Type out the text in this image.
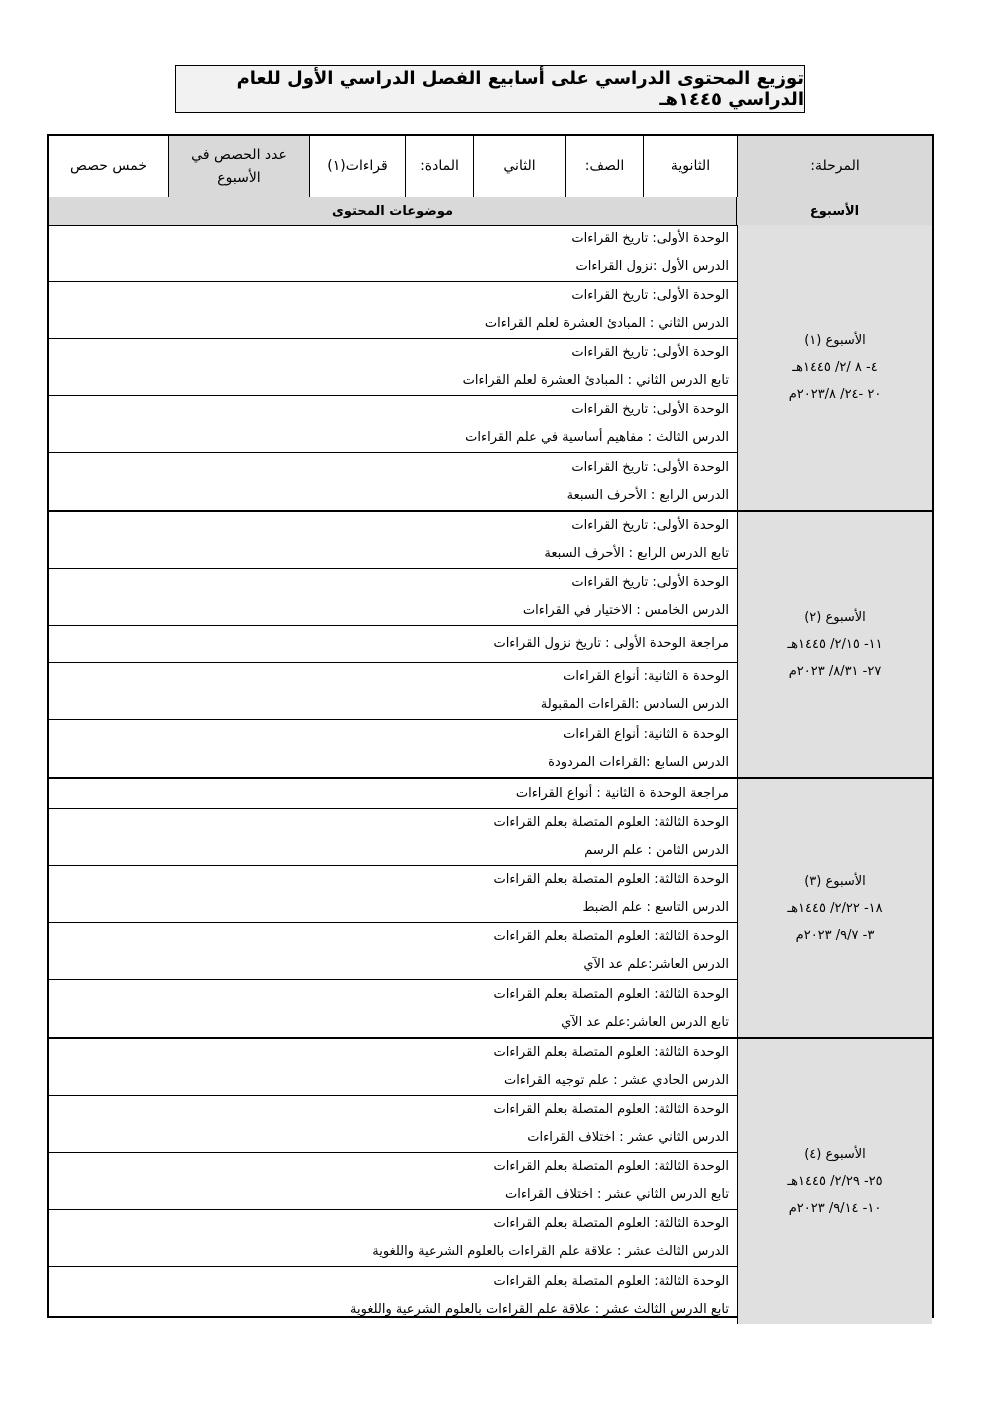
توزيع المحتوى الدراسي على أسابيع الفصل الدراسي الأول للعام الدراسي ١٤٤٥هـ
المرحلة:
الثانوية
الصف:
الثاني
المادة:
قراءات(١)
عدد الحصص في الأسبوع
خمس حصص
الأسبوع
موضوعات المحتوى
الأسبوع (١)
٤- ٨ /٢/ ١٤٤٥هـ
٢٠ -٢٤/ ٢٠٢٣/٨م
الوحدة الأولى: تاريخ القراءات
الدرس الأول :نزول القراءات
الوحدة الأولى: تاريخ القراءات
الدرس الثاني : المبادئ العشرة لعلم القراءات
الوحدة الأولى: تاريخ القراءات
تابع الدرس الثاني : المبادئ العشرة لعلم القراءات
الوحدة الأولى: تاريخ القراءات
الدرس الثالث : مفاهيم أساسية في علم القراءات
الوحدة الأولى: تاريخ القراءات
الدرس الرابع : الأحرف السبعة
الأسبوع (٢)
١١- ٢/١٥/ ١٤٤٥هـ
٢٧- ٨/٣١/ ٢٠٢٣م
الوحدة الأولى: تاريخ القراءات
تابع الدرس الرابع : الأحرف السبعة
الوحدة الأولى: تاريخ القراءات
الدرس الخامس : الاختيار في القراءات
مراجعة الوحدة الأولى : تاريخ نزول القراءات
الوحدة ة الثانية: أنواع القراءات
الدرس السادس :القراءات المقبولة
الوحدة ة الثانية: أنواع القراءات
الدرس السابع :القراءات المردودة
الأسبوع (٣)
١٨- ٢/٢٢/ ١٤٤٥هـ
٣- ٩/٧/ ٢٠٢٣م
مراجعة الوحدة ة الثانية : أنواع القراءات
الوحدة الثالثة: العلوم المتصلة بعلم القراءات
الدرس الثامن : علم الرسم
الوحدة الثالثة: العلوم المتصلة بعلم القراءات
الدرس التاسع : علم الضبط
الوحدة الثالثة: العلوم المتصلة بعلم القراءات
الدرس العاشر:علم عد الآي
الوحدة الثالثة: العلوم المتصلة بعلم القراءات
تابع الدرس العاشر:علم عد الآي
الأسبوع (٤)
٢٥- ٢/٢٩/ ١٤٤٥هـ
١٠- ٩/١٤/ ٢٠٢٣م
الوحدة الثالثة: العلوم المتصلة بعلم القراءات
الدرس الحادي عشر : علم توجيه القراءات
الوحدة الثالثة: العلوم المتصلة بعلم القراءات
الدرس الثاني عشر : اختلاف القراءات
الوحدة الثالثة: العلوم المتصلة بعلم القراءات
تابع الدرس الثاني عشر : اختلاف القراءات
الوحدة الثالثة: العلوم المتصلة بعلم القراءات
الدرس الثالث عشر : علاقة علم القراءات بالعلوم الشرعية واللغوية
الوحدة الثالثة: العلوم المتصلة بعلم القراءات
تابع الدرس الثالث عشر : علاقة علم القراءات بالعلوم الشرعية واللغوية
